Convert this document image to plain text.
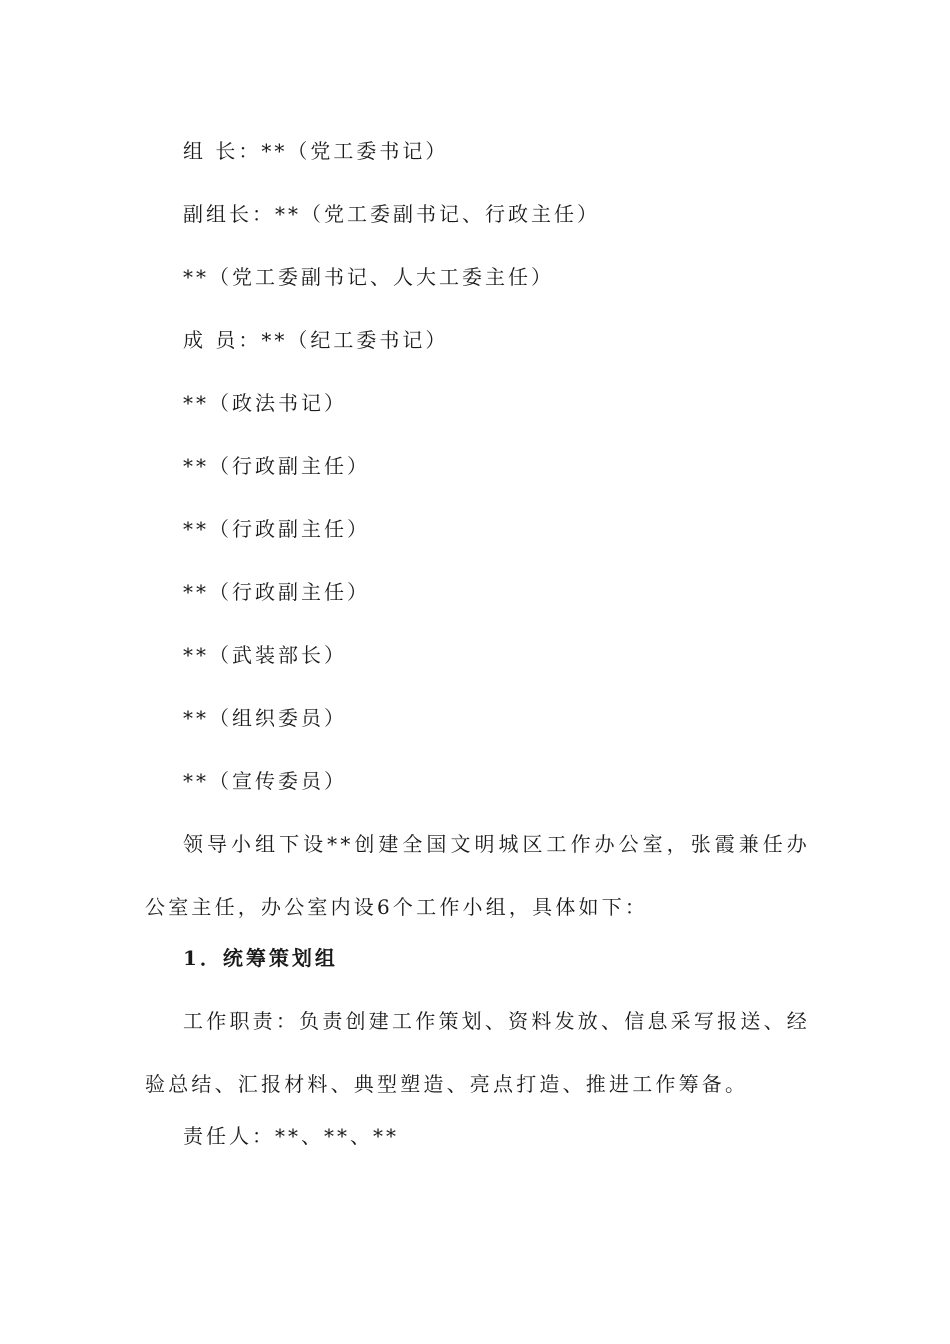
组 长：**（党工委书记）
副组长：**（党工委副书记、行政主任）
**（党工委副书记、人大工委主任）
成 员：**（纪工委书记）
**（政法书记）
**（行政副主任）
**（行政副主任）
**（行政副主任）
**（武装部长）
**（组织委员）
**（宣传委员）
领导小组下设**创建全国文明城区工作办公室，张霞兼任办公室主任，办公室内设6个工作小组，具体如下：
1．统筹策划组
工作职责：负责创建工作策划、资料发放、信息采写报送、经验总结、汇报材料、典型塑造、亮点打造、推进工作筹备。
责任人：**、**、**
